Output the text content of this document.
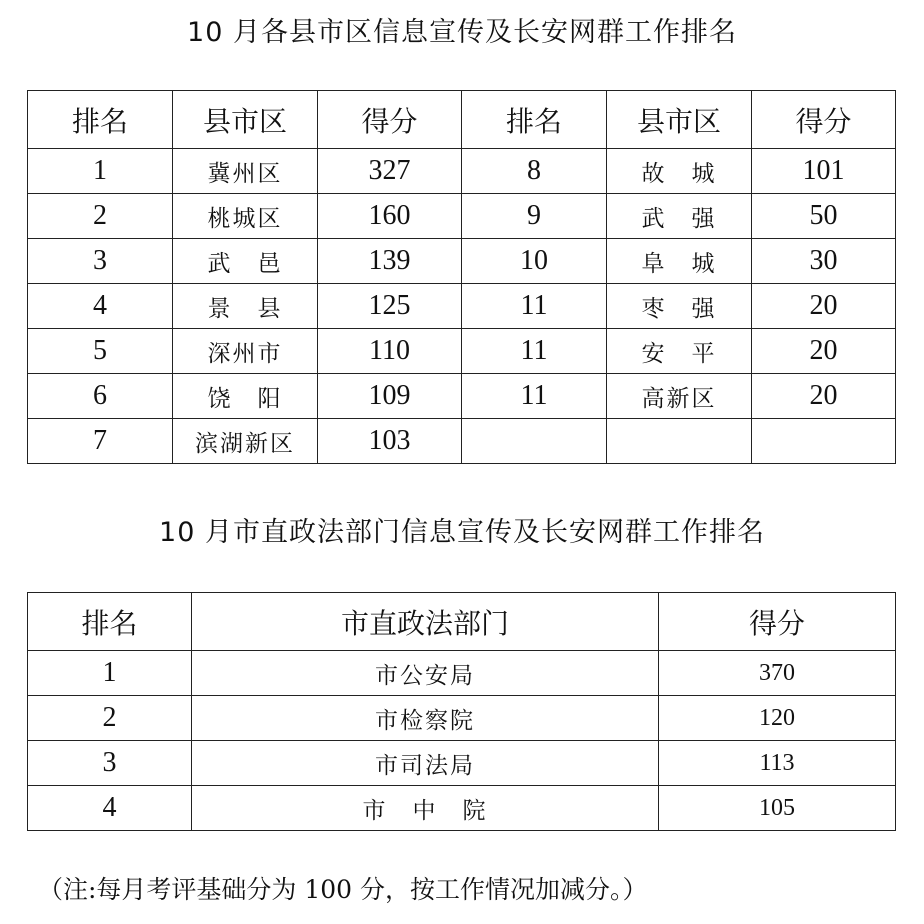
10 月各县市区信息宣传及长安网群工作排名
排名	县市区	得分	排名	县市区	得分
1	冀州区	327	8	故　城	101
2	桃城区	160	9	武　强	50
3	武　邑	139	10	阜　城	30
4	景　县	125	11	枣　强	20
5	深州市	110	11	安　平	20
6	饶　阳	109	11	高新区	20
7	滨湖新区	103			
10 月市直政法部门信息宣传及长安网群工作排名
排名	市直政法部门	得分
1	市公安局	370
2	市检察院	120
3	市司法局	113
4	市　中　院	105
（注:每月考评基础分为 100 分，按工作情况加减分。）
